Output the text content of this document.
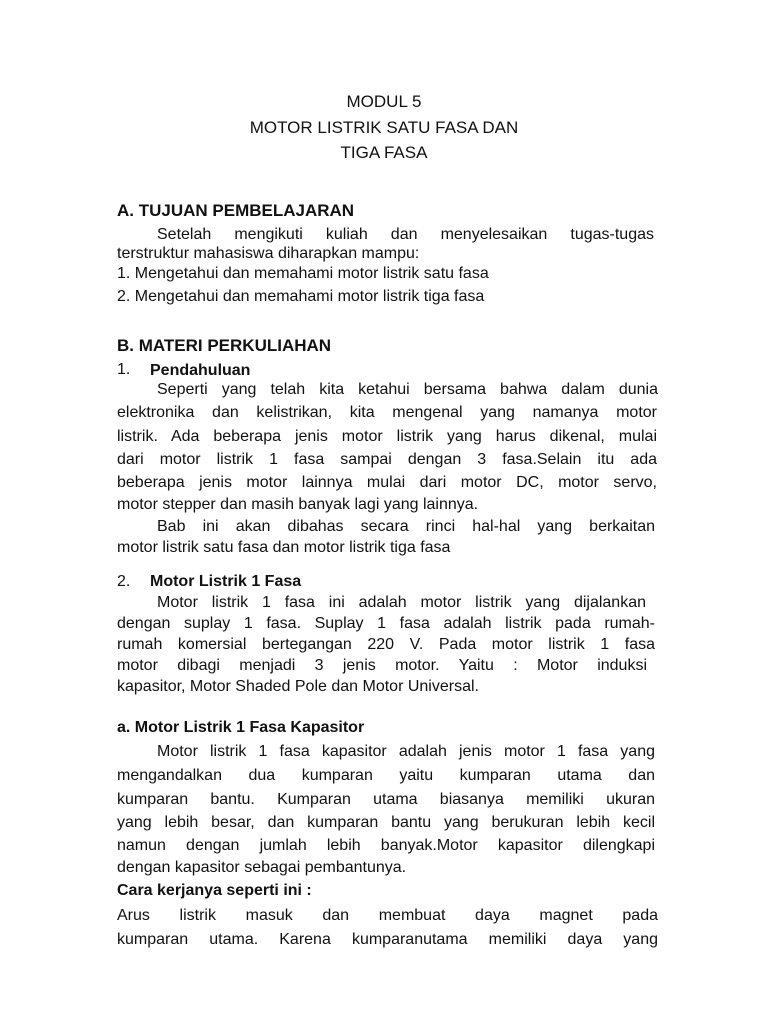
MODUL 5
MOTOR LISTRIK SATU FASA DAN
TIGA FASA
A. TUJUAN PEMBELAJARAN
Setelah mengikuti kuliah dan menyelesaikan tugas-tugas
terstruktur mahasiswa diharapkan mampu:
1. Mengetahui dan memahami motor listrik satu fasa
2. Mengetahui dan memahami motor listrik tiga fasa
B. MATERI PERKULIAHAN
1. Pendahuluan
Seperti yang telah kita ketahui bersama bahwa dalam dunia
elektronika dan kelistrikan, kita mengenal yang namanya motor
listrik. Ada beberapa jenis motor listrik yang harus dikenal, mulai
dari motor listrik 1 fasa sampai dengan 3 fasa.Selain itu ada
beberapa jenis motor lainnya mulai dari motor DC, motor servo,
motor stepper dan masih banyak lagi yang lainnya.
Bab ini akan dibahas secara rinci hal-hal yang berkaitan
motor listrik satu fasa dan motor listrik tiga fasa
2. Motor Listrik 1 Fasa
Motor listrik 1 fasa ini adalah motor listrik yang dijalankan
dengan suplay 1 fasa. Suplay 1 fasa adalah listrik pada rumah-
rumah komersial bertegangan 220 V. Pada motor listrik 1 fasa
motor dibagi menjadi 3 jenis motor. Yaitu : Motor induksi
kapasitor, Motor Shaded Pole dan Motor Universal.
a. Motor Listrik 1 Fasa Kapasitor
Motor listrik 1 fasa kapasitor adalah jenis motor 1 fasa yang
mengandalkan dua kumparan yaitu kumparan utama dan
kumparan bantu. Kumparan utama biasanya memiliki ukuran
yang lebih besar, dan kumparan bantu yang berukuran lebih kecil
namun dengan jumlah lebih banyak.Motor kapasitor dilengkapi
dengan kapasitor sebagai pembantunya.
Cara kerjanya seperti ini :
Arus listrik masuk dan membuat daya magnet pada
kumparan utama. Karena kumparanutama memiliki daya yang
